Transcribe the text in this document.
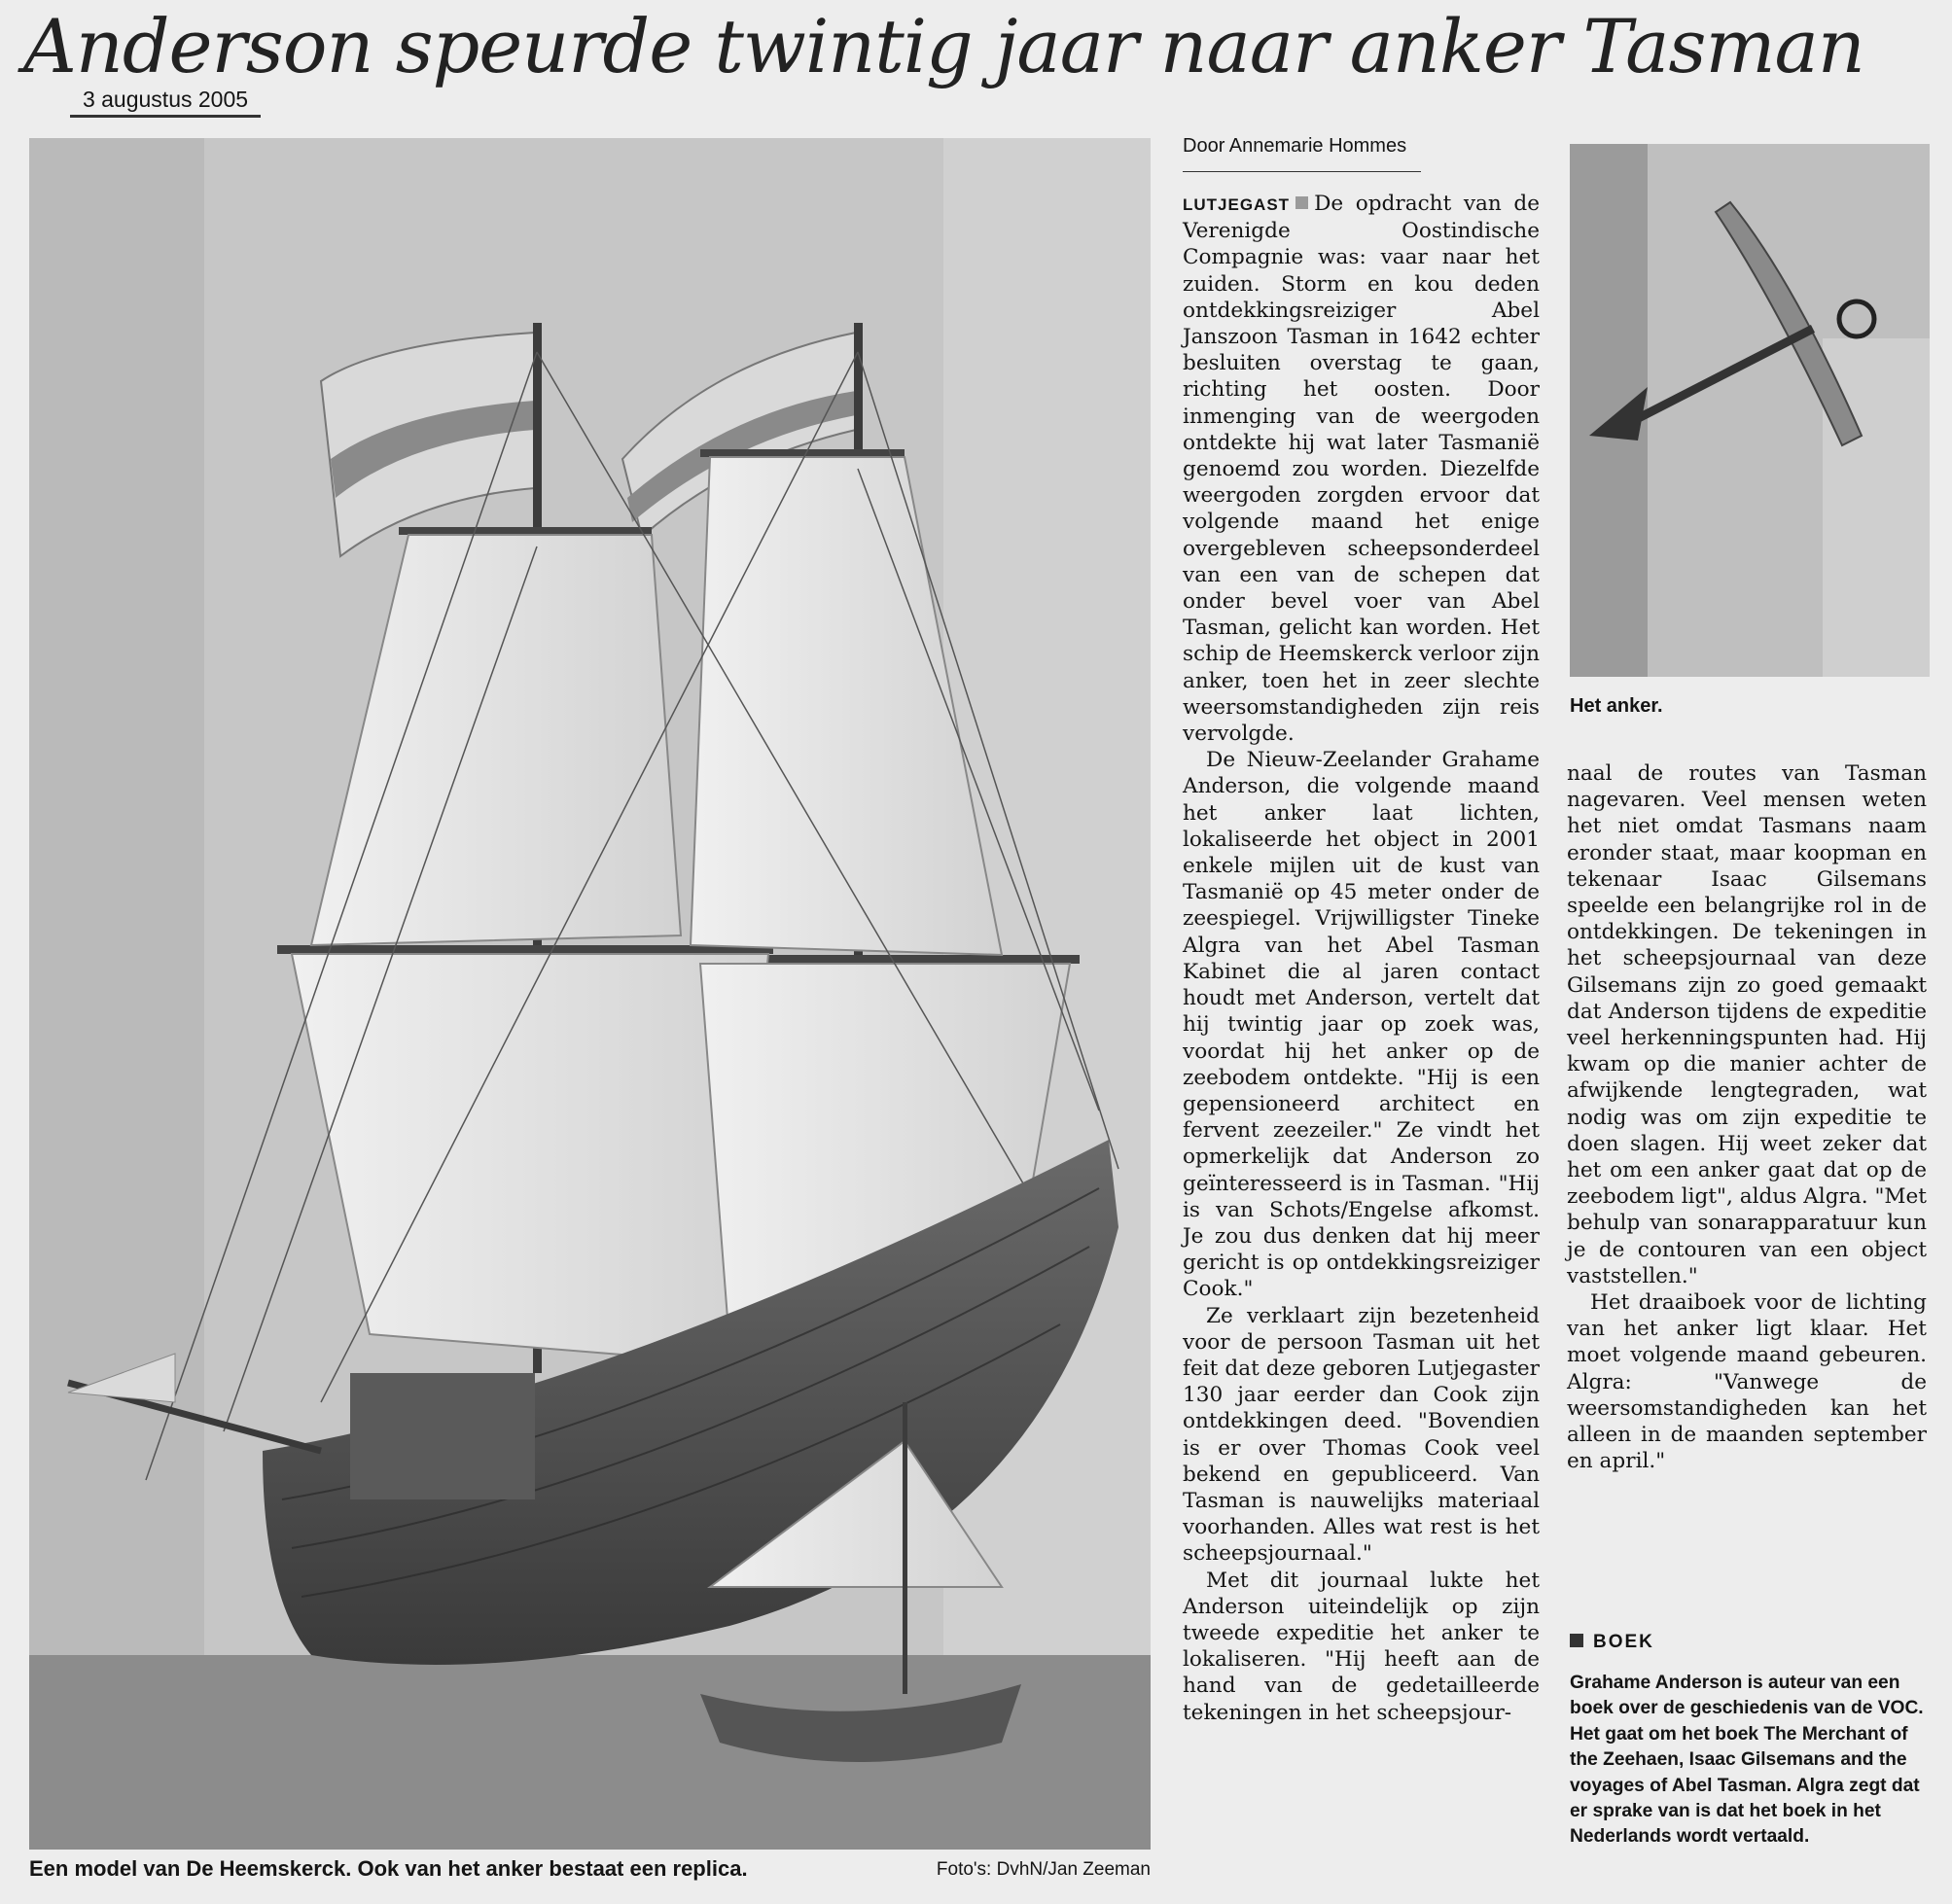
Anderson speurde twintig jaar naar anker Tasman
3 augustus 2005
Een model van De Heemskerck. Ook van het anker bestaat een replica.	Foto's: DvhN/Jan Zeeman
Door Annemarie Hommes

LUTJEGAST De opdracht van de Verenigde Oostindische Compagnie was: vaar naar het zuiden. Storm en kou deden ontdekkingsreiziger Abel Janszoon Tasman in 1642 echter besluiten overstag te gaan, richting het oosten. Door inmenging van de weergoden ontdekte hij wat later Tasmanië genoemd zou worden. Diezelfde weergoden zorgden ervoor dat volgende maand het enige overgebleven scheepsonderdeel van een van de schepen dat onder bevel voer van Abel Tasman, gelicht kan worden. Het schip de Heemskerck verloor zijn anker, toen het in zeer slechte weersomstandigheden zijn reis vervolgde.

De Nieuw-Zeelander Grahame Anderson, die volgende maand het anker laat lichten, lokaliseerde het object in 2001 enkele mijlen uit de kust van Tasmanië op 45 meter onder de zeespiegel. Vrijwilligster Tineke Algra van het Abel Tasman Kabinet die al jaren contact houdt met Anderson, vertelt dat hij twintig jaar op zoek was, voordat hij het anker op de zeebodem ontdekte. "Hij is een gepensioneerd architect en fervent zeezeiler." Ze vindt het opmerkelijk dat Anderson zo geïnteresseerd is in Tasman. "Hij is van Schots/Engelse afkomst. Je zou dus denken dat hij meer gericht is op ontdekkingsreiziger Cook."

Ze verklaart zijn bezetenheid voor de persoon Tasman uit het feit dat deze geboren Lutjegaster 130 jaar eerder dan Cook zijn ontdekkingen deed. "Bovendien is er over Thomas Cook veel bekend en gepubliceerd. Van Tasman is nauwelijks materiaal voorhanden. Alles wat rest is het scheepsjournaal."

Met dit journaal lukte het Anderson uiteindelijk op zijn tweede expeditie het anker te lokaliseren. "Hij heeft aan de hand van de gedetailleerde tekeningen in het scheepsjour-

Het anker.

naal de routes van Tasman nagevaren. Veel mensen weten het niet omdat Tasmans naam eronder staat, maar koopman en tekenaar Isaac Gilsemans speelde een belangrijke rol in de ontdekkingen. De tekeningen in het scheepsjournaal van deze Gilsemans zijn zo goed gemaakt dat Anderson tijdens de expeditie veel herkenningspunten had. Hij kwam op die manier achter de afwijkende lengtegraden, wat nodig was om zijn expeditie te doen slagen. Hij weet zeker dat het om een anker gaat dat op de zeebodem ligt", aldus Algra. "Met behulp van sonarapparatuur kun je de contouren van een object vaststellen."

Het draaiboek voor de lichting van het anker ligt klaar. Het moet volgende maand gebeuren. Algra: "Vanwege de weersomstandigheden kan het alleen in de maanden september en april."

BOEK
Grahame Anderson is auteur van een boek over de geschiedenis van de VOC. Het gaat om het boek The Merchant of the Zeehaen, Isaac Gilsemans and the voyages of Abel Tasman. Algra zegt dat er sprake van is dat het boek in het Nederlands wordt vertaald.
